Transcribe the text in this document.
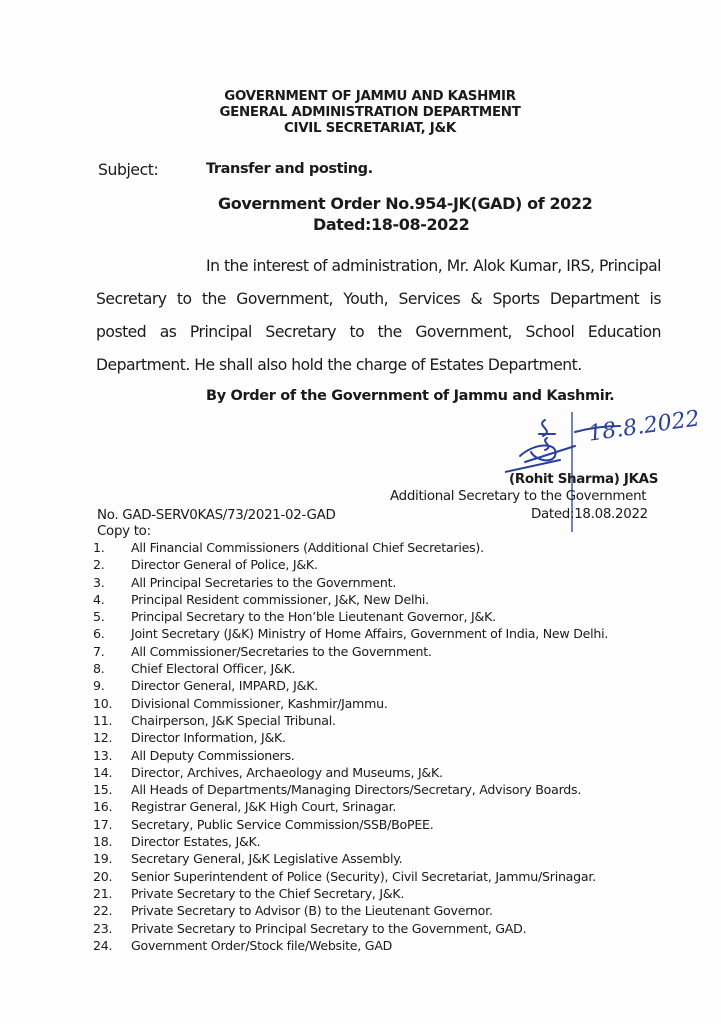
GOVERNMENT OF JAMMU AND KASHMIR
GENERAL ADMINISTRATION DEPARTMENT
CIVIL SECRETARIAT, J&K
Subject:	Transfer and posting.
Government Order No.954-JK(GAD) of 2022
Dated:18-08-2022
In the interest of administration, Mr. Alok Kumar, IRS, Principal Secretary to the Government, Youth, Services & Sports Department is posted as Principal Secretary to the Government, School Education Department. He shall also hold the charge of Estates Department.
By Order of the Government of Jammu and Kashmir.
18.8.2022
(Rohit Sharma) JKAS
Additional Secretary to the Government
Dated:18.08.2022
No. GAD-SERV0KAS/73/2021-02-GAD
Copy to:
1. All Financial Commissioners (Additional Chief Secretaries).
2. Director General of Police, J&K.
3. All Principal Secretaries to the Government.
4. Principal Resident commissioner, J&K, New Delhi.
5. Principal Secretary to the Hon’ble Lieutenant Governor, J&K.
6. Joint Secretary (J&K) Ministry of Home Affairs, Government of India, New Delhi.
7. All Commissioner/Secretaries to the Government.
8. Chief Electoral Officer, J&K.
9. Director General, IMPARD, J&K.
10. Divisional Commissioner, Kashmir/Jammu.
11. Chairperson, J&K Special Tribunal.
12. Director Information, J&K.
13. All Deputy Commissioners.
14. Director, Archives, Archaeology and Museums, J&K.
15. All Heads of Departments/Managing Directors/Secretary, Advisory Boards.
16. Registrar General, J&K High Court, Srinagar.
17. Secretary, Public Service Commission/SSB/BoPEE.
18. Director Estates, J&K.
19. Secretary General, J&K Legislative Assembly.
20. Senior Superintendent of Police (Security), Civil Secretariat, Jammu/Srinagar.
21. Private Secretary to the Chief Secretary, J&K.
22. Private Secretary to Advisor (B) to the Lieutenant Governor.
23. Private Secretary to Principal Secretary to the Government, GAD.
24. Government Order/Stock file/Website, GAD
